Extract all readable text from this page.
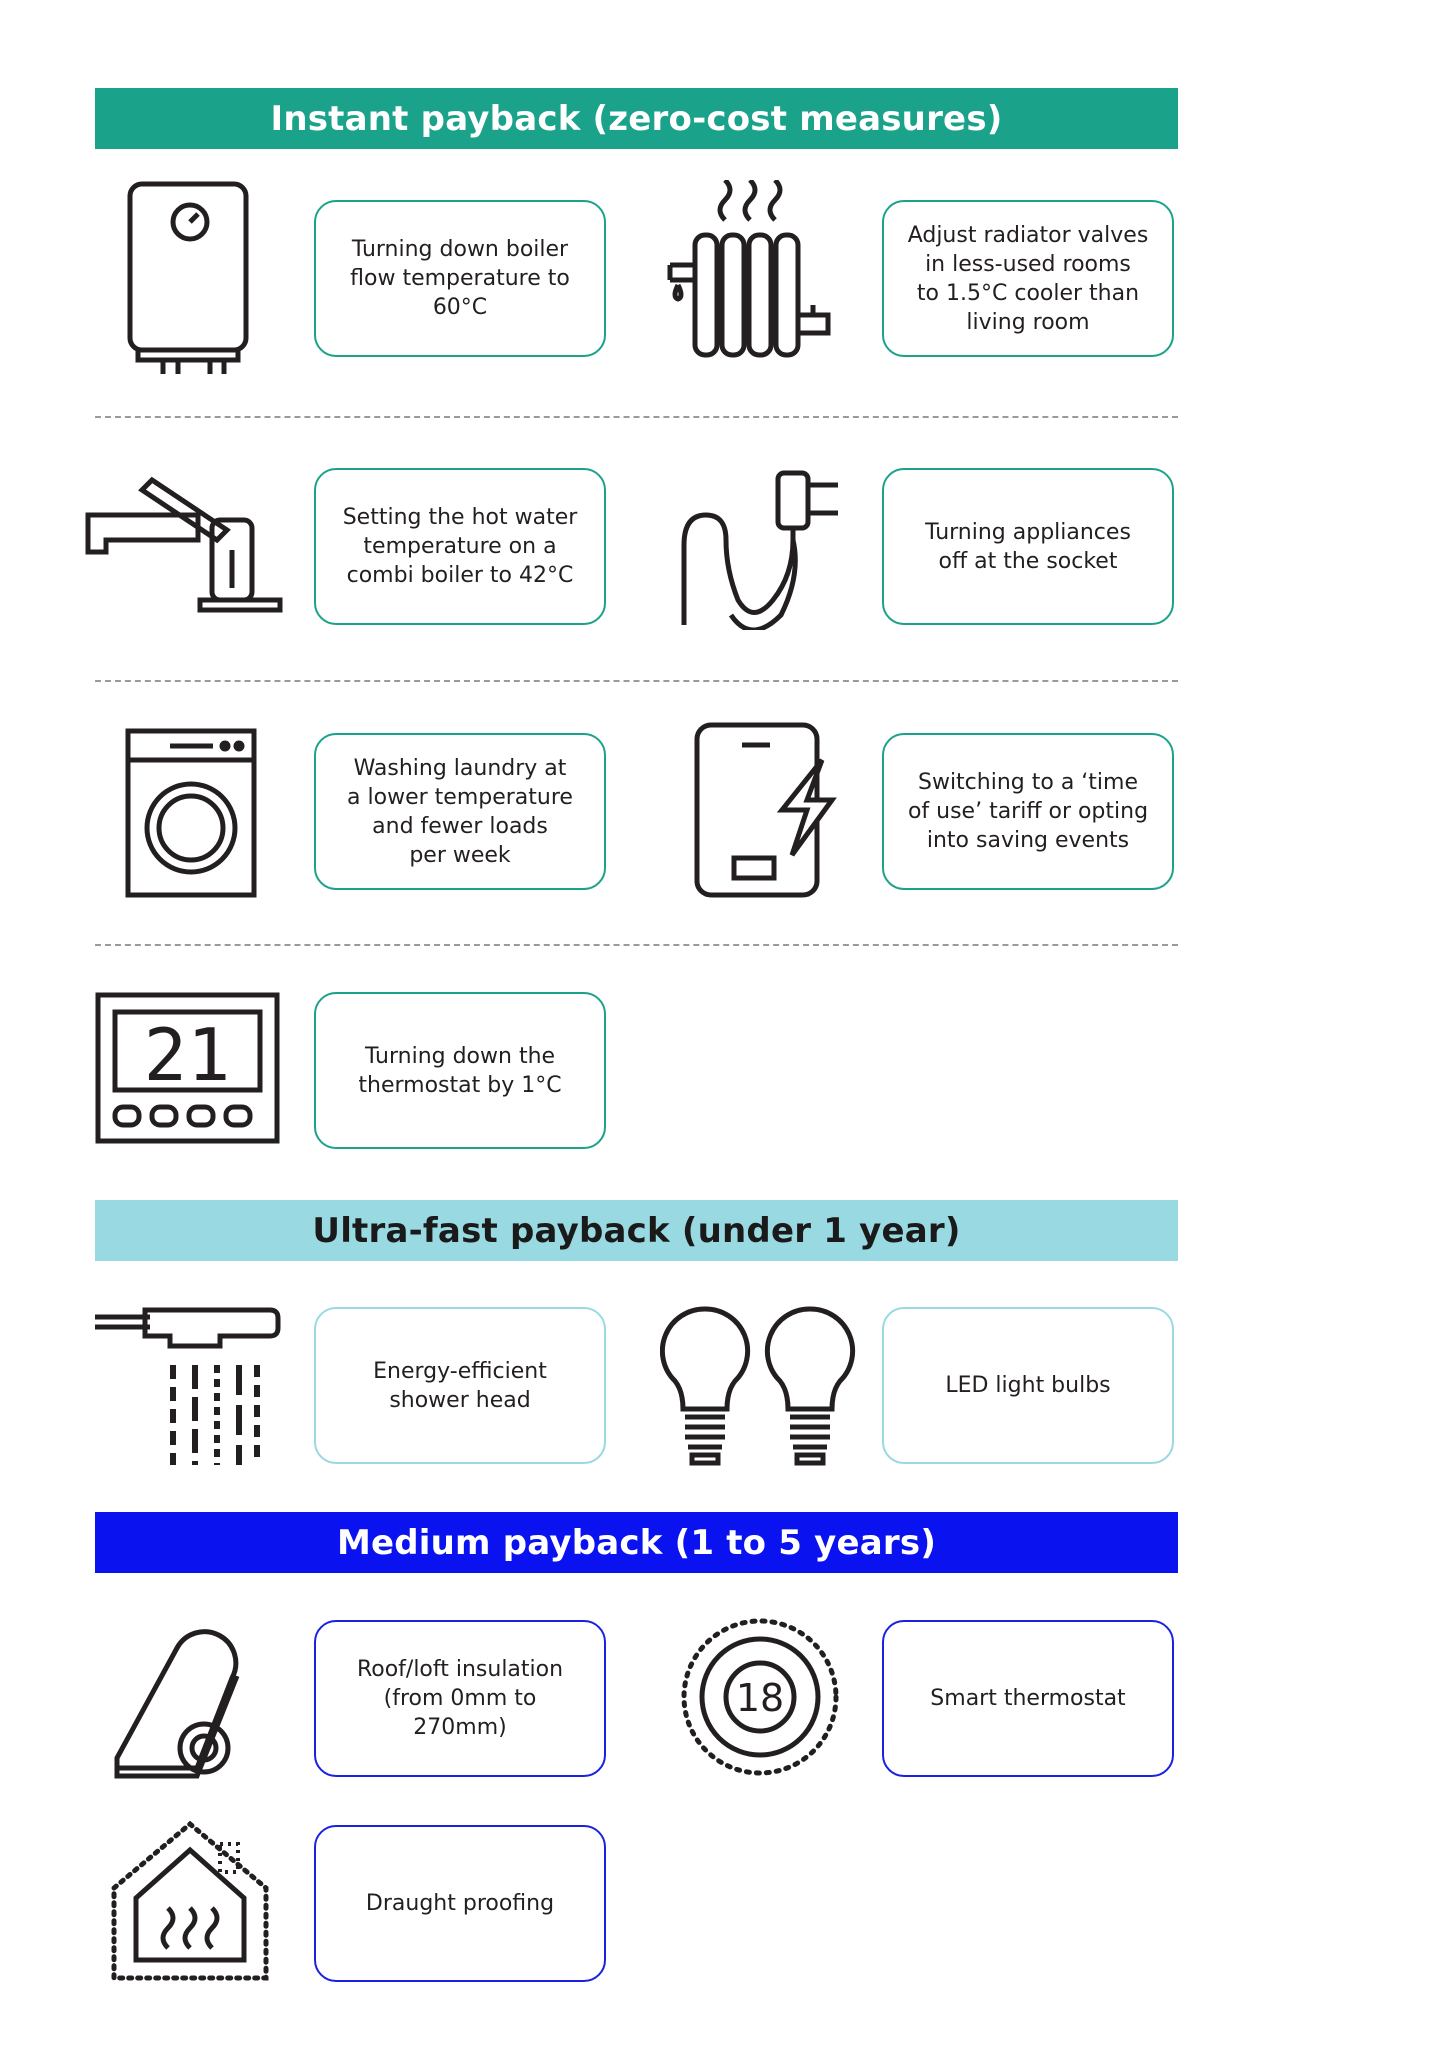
Instant payback (zero-cost measures)
Turning down boiler
flow temperature to
60°C
Adjust radiator valves
in less-used rooms
to 1.5°C cooler than
living room
Setting the hot water
temperature on a
combi boiler to 42°C
Turning appliances
off at the socket
Washing laundry at
a lower temperature
and fewer loads
per week
Switching to a ‘time
of use’ tariff or opting
into saving events
21	Turning down the
thermostat by 1°C
Ultra-fast payback (under 1 year)
Energy-efficient
shower head
LED light bulbs
Medium payback (1 to 5 years)
Roof/loft insulation
(from 0mm to
270mm)
18	Smart thermostat
Draught proofing
